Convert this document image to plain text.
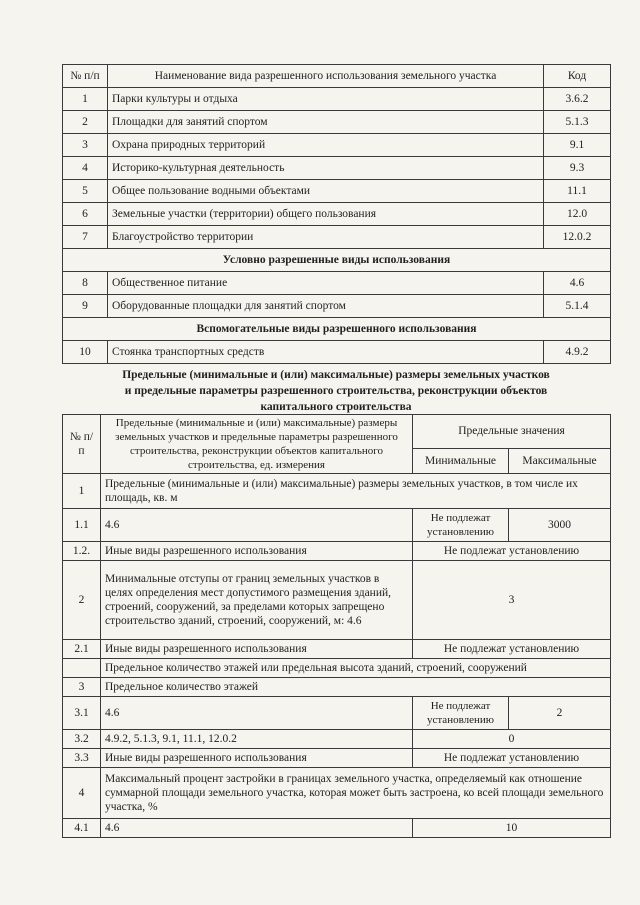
№ п/п	Наименование вида разрешенного использования земельного участка	Код
1	Парки культуры и отдыха	3.6.2
2	Площадки для занятий спортом	5.1.3
3	Охрана природных территорий	9.1
4	Историко-культурная деятельность	9.3
5	Общее пользование водными объектами	11.1
6	Земельные участки (территории) общего пользования	12.0
7	Благоустройство территории	12.0.2
Условно разрешенные виды использования		
8	Общественное питание	4.6
9	Оборудованные площадки для занятий спортом	5.1.4
Вспомогательные виды разрешенного использования		
10	Стоянка транспортных средств	4.9.2
Предельные (минимальные и (или) максимальные) размеры земельных участков
и предельные параметры разрешенного строительства, реконструкции объектов
капитального строительства
№ п/п	Предельные (минимальные и (или) максимальные) размеры земельных участков и предельные параметры разрешенного строительства, реконструкции объектов капитального строительства, ед. измерения	Предельные значения	
		Минимальные	Максимальные
1	Предельные (минимальные и (или) максимальные) размеры земельных участков, в том числе их площадь, кв. м		
1.1	4.6	Не подлежат установлению	3000
1.2.	Иные виды разрешенного использования	Не подлежат установлению	
2	Минимальные отступы от границ земельных участков в целях определения мест допустимого размещения зданий, строений, сооружений, за пределами которых запрещено строительство зданий, строений, сооружений, м: 4.6	3	
2.1	Иные виды разрешенного использования	Не подлежат установлению	
	Предельное количество этажей или предельная высота зданий, строений, сооружений		
3	Предельное количество этажей		
3.1	4.6	Не подлежат установлению	2
3.2	4.9.2, 5.1.3, 9.1, 11.1, 12.0.2	0	
3.3	Иные виды разрешенного использования	Не подлежат установлению	
4	Максимальный процент застройки в границах земельного участка, определяемый как отношение суммарной площади земельного участка, которая может быть застроена, ко всей площади земельного участка, %		
4.1	4.6	10	
